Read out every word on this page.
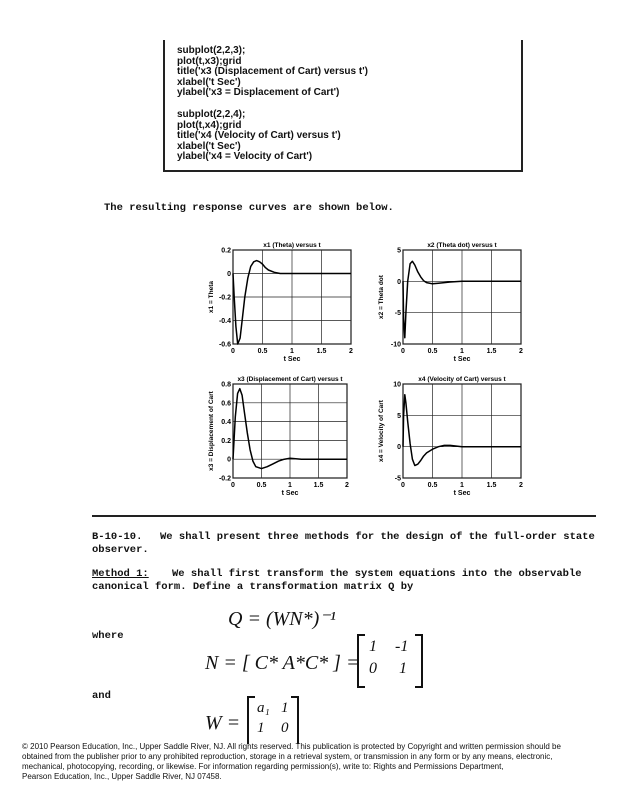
subplot(2,2,3);
plot(t,x3);grid
title('x3 (Displacement of Cart) versus t')
xlabel('t Sec')
ylabel('x3 = Displacement of Cart')
subplot(2,2,4);
plot(t,x4);grid
title('x4 (Velocity of Cart) versus t')
xlabel('t Sec')
ylabel('x4 = Velocity of Cart')
The resulting response curves are shown below.
0	0.5	1	1.5	2
0.2
0
-0.2
-0.4
-0.6
x1 (Theta) versus t
t Sec
x1 = Theta
0	0.5	1	1.5	2
5
0
-5
-10
x2 (Theta dot) versus t
t Sec
x2 = Theta dot
0	0.5	1	1.5	2
0.8
0.6
0.4
0.2
0
-0.2
x3 (Displacement of Cart) versus t
t Sec
x3 = Displacement of Cart
0	0.5	1	1.5	2
10
5
0
-5
x4 (Velocity of Cart) versus t
t Sec
x4 = Velocity of Cart
B-10-10. We shall present three methods for the design of the full-order state
observer.
Method 1: We shall first transform the system equations into the observable
canonical form. Define a transformation matrix Q by
Q = (WN*)⁻¹
where
N = [ C* A*C* ] =
1 -1
0 1
and
W =
a₁ 1
1 0
© 2010 Pearson Education, Inc., Upper Saddle River, NJ. All rights reserved. This publication is protected by Copyright and written permission should be
obtained from the publisher prior to any prohibited reproduction, storage in a retrieval system, or transmission in any form or by any means, electronic,
mechanical, photocopying, recording, or likewise. For information regarding permission(s), write to: Rights and Permissions Department,
Pearson Education, Inc., Upper Saddle River, NJ 07458.
